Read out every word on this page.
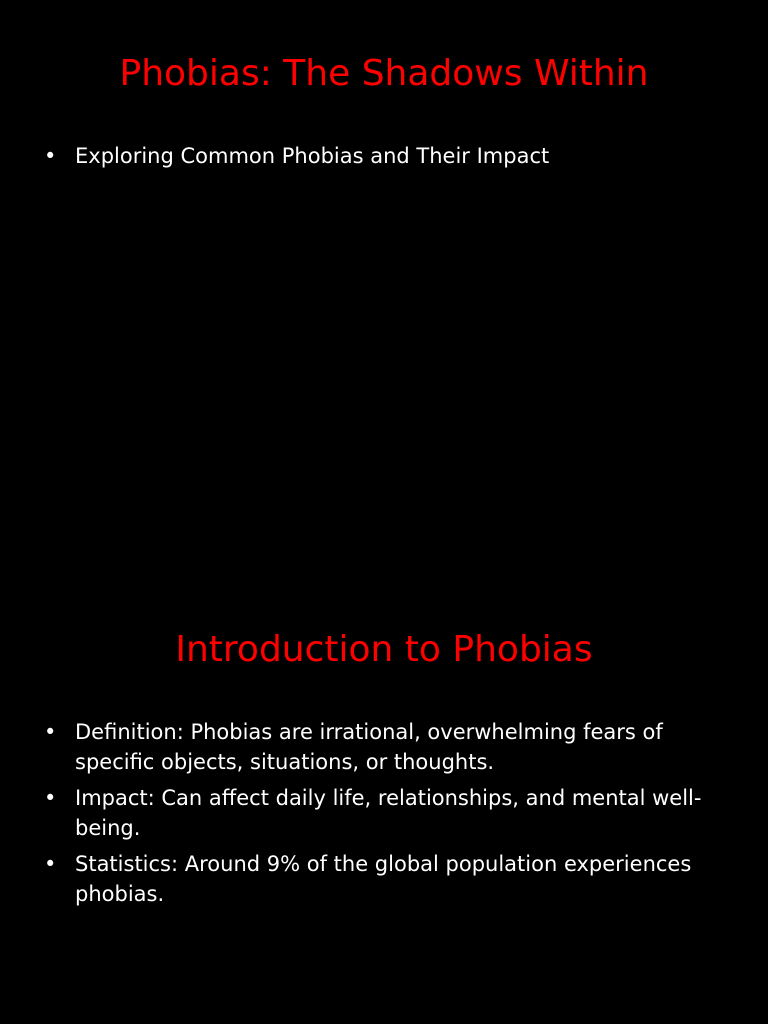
Phobias: The Shadows Within
• Exploring Common Phobias and Their Impact
Introduction to Phobias
• Definition: Phobias are irrational, overwhelming fears of specific objects, situations, or thoughts.
• Impact: Can affect daily life, relationships, and mental well-being.
• Statistics: Around 9% of the global population experiences phobias.
